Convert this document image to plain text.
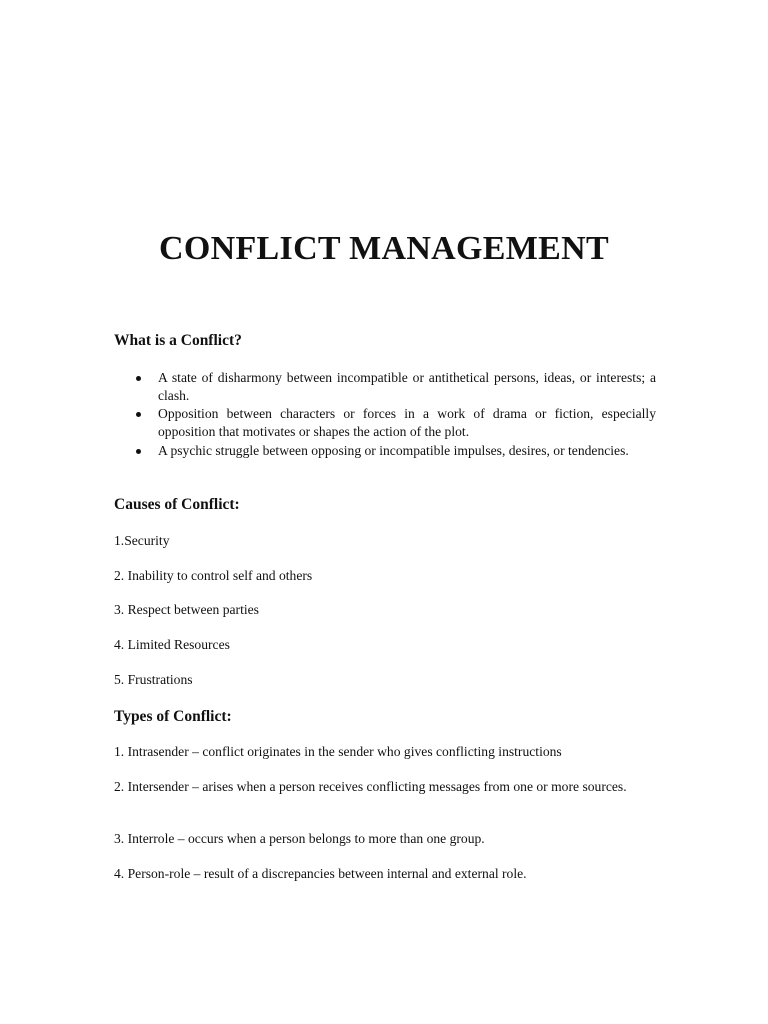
CONFLICT MANAGEMENT
What is a Conflict?
A state of disharmony between incompatible or antithetical persons, ideas, or interests; a clash.
Opposition between characters or forces in a work of drama or fiction, especially opposition that motivates or shapes the action of the plot.
A psychic struggle between opposing or incompatible impulses, desires, or tendencies.
Causes of Conflict:
1.Security
2. Inability to control self and others
3. Respect between parties
4. Limited Resources
5. Frustrations
Types of Conflict:
1. Intrasender – conflict originates in the sender who gives conflicting instructions
2. Intersender – arises when a person receives conflicting messages from one or more sources.
3. Interrole – occurs when a person belongs to more than one group.
4. Person-role – result of a discrepancies between internal and external role.
